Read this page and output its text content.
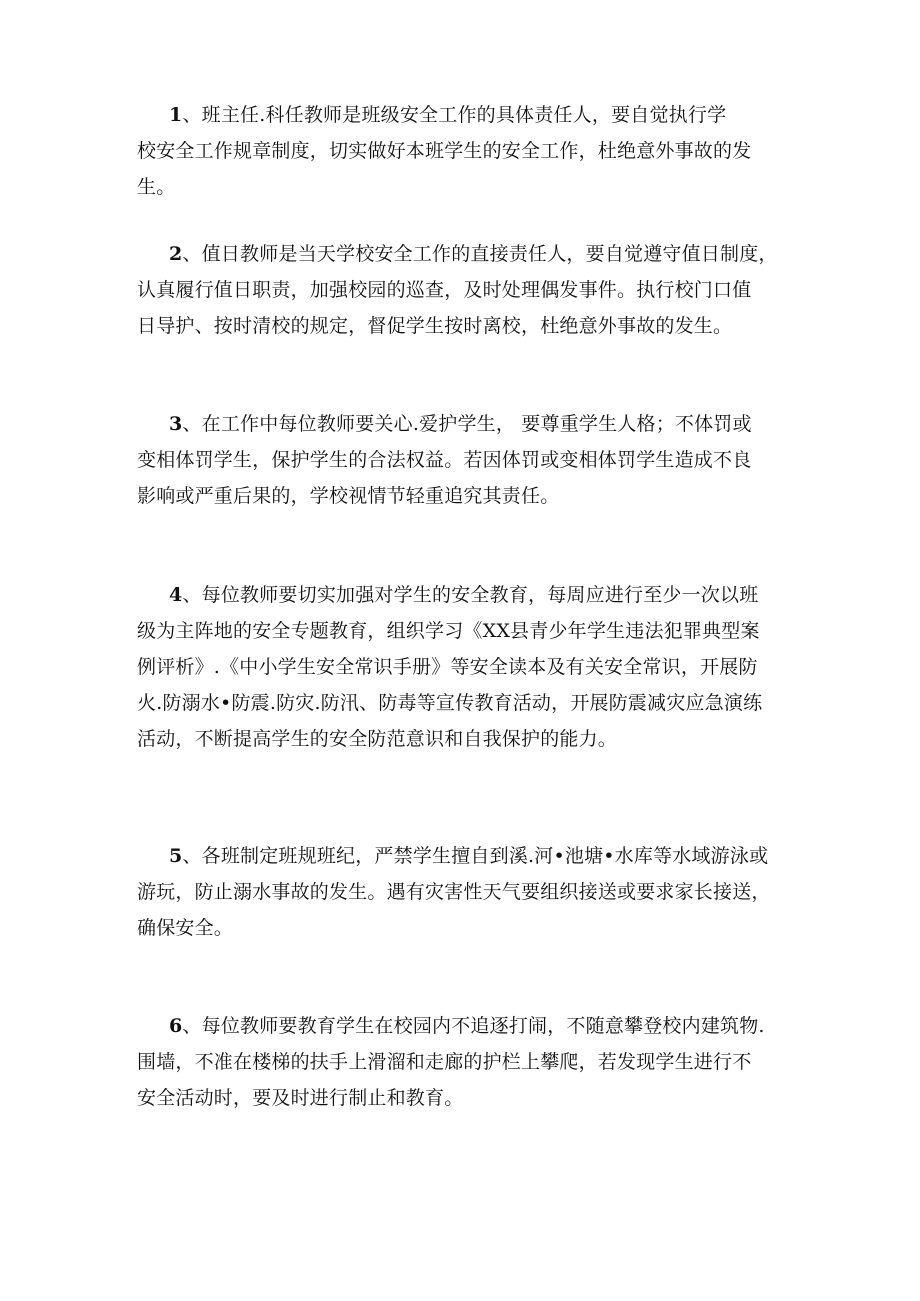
1、班主任.科任教师是班级安全工作的具体责任人，要自觉执行学
校安全工作规章制度，切实做好本班学生的安全工作，杜绝意外事故的发
生。
2、值日教师是当天学校安全工作的直接责任人，要自觉遵守值日制度，
认真履行值日职责，加强校园的巡查，及时处理偶发事件。执行校门口值
日导护、按时清校的规定，督促学生按时离校，杜绝意外事故的发生。
3、在工作中每位教师要关心.爱护学生， 要尊重学生人格；不体罚或
变相体罚学生，保护学生的合法权益。若因体罚或变相体罚学生造成不良
影响或严重后果的，学校视情节轻重追究其责任。
4、每位教师要切实加强对学生的安全教育，每周应进行至少一次以班
级为主阵地的安全专题教育，组织学习《XX县青少年学生违法犯罪典型案
例评析》.《中小学生安全常识手册》等安全读本及有关安全常识，开展防
火.防溺水•防震.防灾.防汛、防毒等宣传教育活动，开展防震减灾应急演练
活动，不断提高学生的安全防范意识和自我保护的能力。
5、各班制定班规班纪，严禁学生擅自到溪.河•池塘•水库等水域游泳或
游玩，防止溺水事故的发生。遇有灾害性天气要组织接送或要求家长接送，
确保安全。
6、每位教师要教育学生在校园内不追逐打闹，不随意攀登校内建筑物.
围墙，不准在楼梯的扶手上滑溜和走廊的护栏上攀爬，若发现学生进行不
安全活动时，要及时进行制止和教育。
